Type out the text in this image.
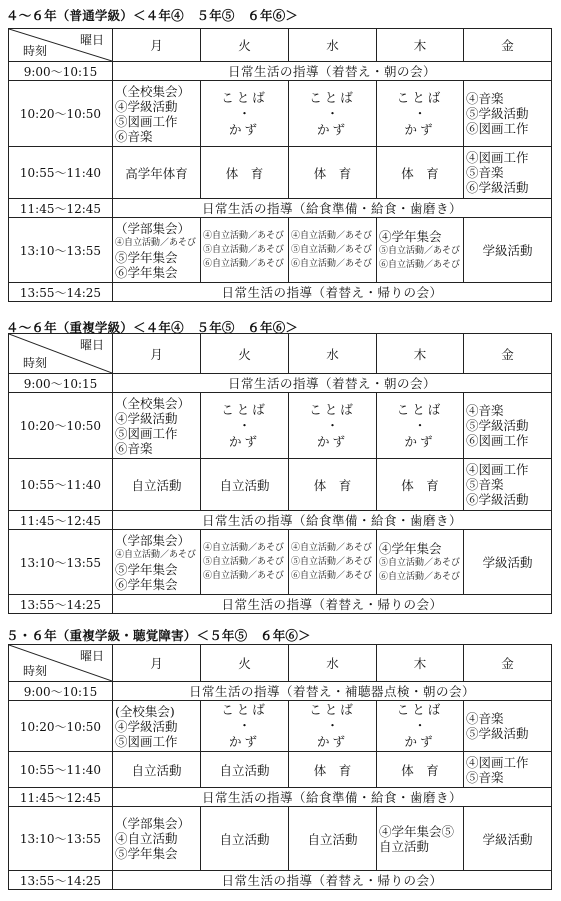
４～６年（普通学級）＜４年④　５年⑤　６年⑥＞
曜日
時刻	月	火	水	木	金
9:00～10:15	日常生活の指導（着替え・朝の会）				
10:20～10:50	（全校集会）
④学級活動
⑤図画工作
⑥音楽	ことば
・
かず	ことば
・
かず	ことば
・
かず	④音楽
⑤学級活動
⑥図画工作

10:55～11:40	高学年体育	体　育	体　育	体　育	④図画工作
⑤音楽
⑥学級活動

11:45～12:45	日常生活の指導（給食準備・給食・歯磨き）				
13:10～13:55	（学部集会）
④自立活動／あそび
⑤学年集会
⑥学年集会	④自立活動／あそび
⑤自立活動／あそび
⑥自立活動／あそび	④自立活動／あそび
⑤自立活動／あそび
⑥自立活動／あそび	④学年集会
⑤自立活動／あそび
⑥自立活動／あそび	学級活動
13:55～14:25	日常生活の指導（着替え・帰りの会）				
４～６年（重複学級）＜４年④　５年⑤　６年⑥＞
曜日
時刻	月	火	水	木	金
9:00～10:15	日常生活の指導（着替え・朝の会）				
10:20～10:50	（全校集会）
④学級活動
⑤図画工作
⑥音楽	ことば
・
かず	ことば
・
かず	ことば
・
かず	④音楽
⑤学級活動
⑥図画工作

10:55～11:40	自立活動	自立活動	体　育	体　育	④図画工作
⑤音楽
⑥学級活動

11:45～12:45	日常生活の指導（給食準備・給食・歯磨き）				
13:10～13:55	（学部集会）
④自立活動／あそび
⑤学年集会
⑥学年集会	④自立活動／あそび
⑤自立活動／あそび
⑥自立活動／あそび	④自立活動／あそび
⑤自立活動／あそび
⑥自立活動／あそび	④学年集会
⑤自立活動／あそび
⑥自立活動／あそび	学級活動
13:55～14:25	日常生活の指導（着替え・帰りの会）				
５・６年（重複学級・聴覚障害）＜５年⑤　６年⑥＞
曜日
時刻	月	火	水	木	金
9:00～10:15	日常生活の指導（着替え・補聴器点検・朝の会）				
10:20～10:50	(全校集会)
④学級活動
⑤図画工作	ことば
・
かず	ことば
・
かず	ことば
・
かず	④音楽
⑤学級活動

10:55～11:40	自立活動	自立活動	体　育	体　育	④図画工作
⑤音楽

11:45～12:45	日常生活の指導（給食準備・給食・歯磨き）				
13:10～13:55	（学部集会）
④自立活動
⑤学年集会	自立活動	自立活動	④学年集会⑤
自立活動	学級活動
13:55～14:25	日常生活の指導（着替え・帰りの会）				
